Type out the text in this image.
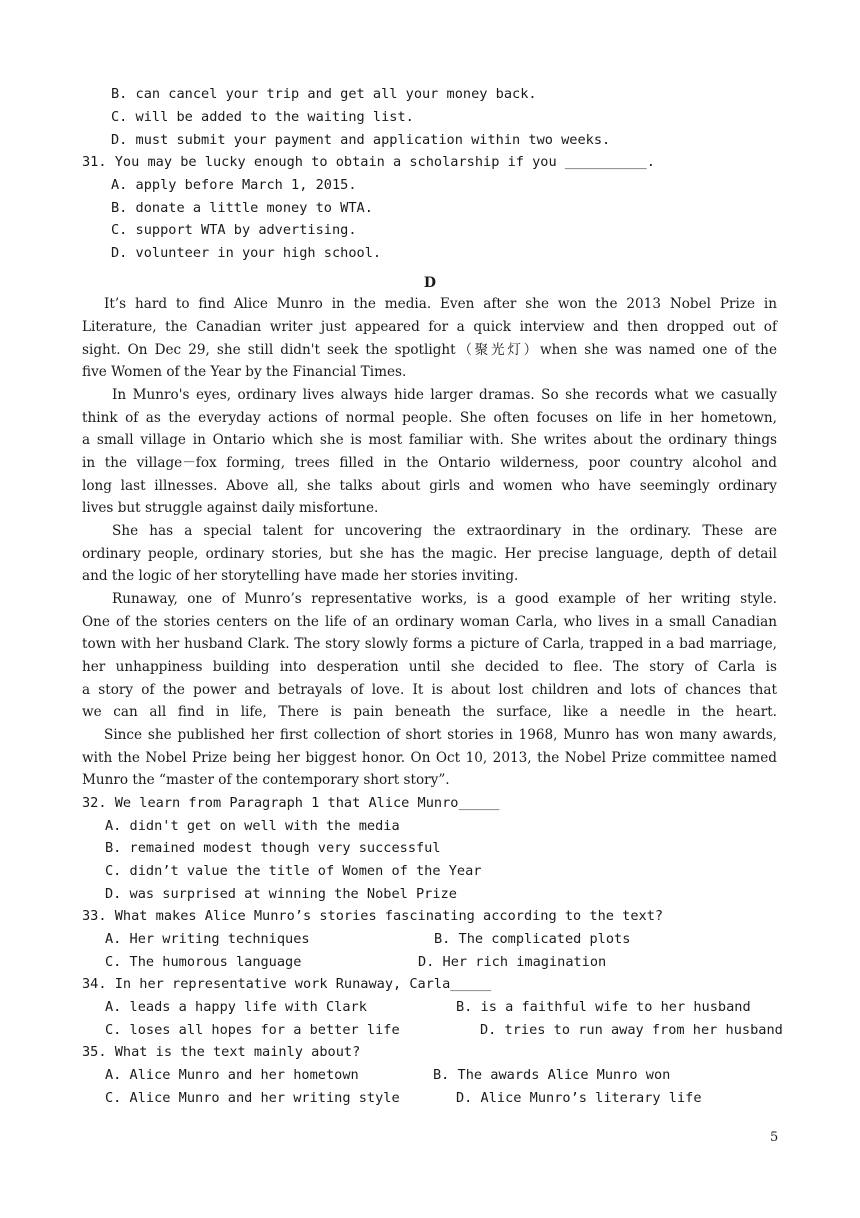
B. can cancel your trip and get all your money back.
C. will be added to the waiting list.
D. must submit your payment and application within two weeks.
31. You may be lucky enough to obtain a scholarship if you __________.
A. apply before March 1, 2015.
B. donate a little money to WTA.
C. support WTA by advertising.
D. volunteer in your high school.
D
It’s hard to find Alice Munro in the media. Even after she won the 2013 Nobel Prize in
Literature, the Canadian writer just appeared for a quick interview and then dropped out of
sight. On Dec 29, she still didn't seek the spotlight（聚光灯）when she was named one of the
five Women of the Year by the Financial Times.
In Munro's eyes, ordinary lives always hide larger dramas. So she records what we casually
think of as the everyday actions of normal people. She often focuses on life in her hometown,
a small village in Ontario which she is most familiar with. She writes about the ordinary things
in the village－fox forming, trees filled in the Ontario wilderness, poor country alcohol and
long last illnesses. Above all, she talks about girls and women who have seemingly ordinary
lives but struggle against daily misfortune.
She has a special talent for uncovering the extraordinary in the ordinary. These are
ordinary people, ordinary stories, but she has the magic. Her precise language, depth of detail
and the logic of her storytelling have made her stories inviting.
Runaway, one of Munro’s representative works, is a good example of her writing style.
One of the stories centers on the life of an ordinary woman Carla, who lives in a small Canadian
town with her husband Clark. The story slowly forms a picture of Carla, trapped in a bad marriage,
her unhappiness building into desperation until she decided to flee. The story of Carla is
a story of the power and betrayals of love. It is about lost children and lots of chances that
we can all find in life, There is pain beneath the surface, like a needle in the heart.
Since she published her first collection of short stories in 1968, Munro has won many awards,
with the Nobel Prize being her biggest honor. On Oct 10, 2013, the Nobel Prize committee named
Munro the “master of the contemporary short story”.
32. We learn from Paragraph 1 that Alice Munro_____
A. didn't get on well with the media
B. remained modest though very successful
C. didn’t value the title of Women of the Year
D. was surprised at winning the Nobel Prize
33. What makes Alice Munro’s stories fascinating according to the text?
A. Her writing techniques	B. The complicated plots
C. The humorous language	D. Her rich imagination
34. In her representative work Runaway, Carla_____
A. leads a happy life with Clark	B. is a faithful wife to her husband
C. loses all hopes for a better life	D. tries to run away from her husband
35. What is the text mainly about?
A. Alice Munro and her hometown	B. The awards Alice Munro won
C. Alice Munro and her writing style	D. Alice Munro’s literary life
5
